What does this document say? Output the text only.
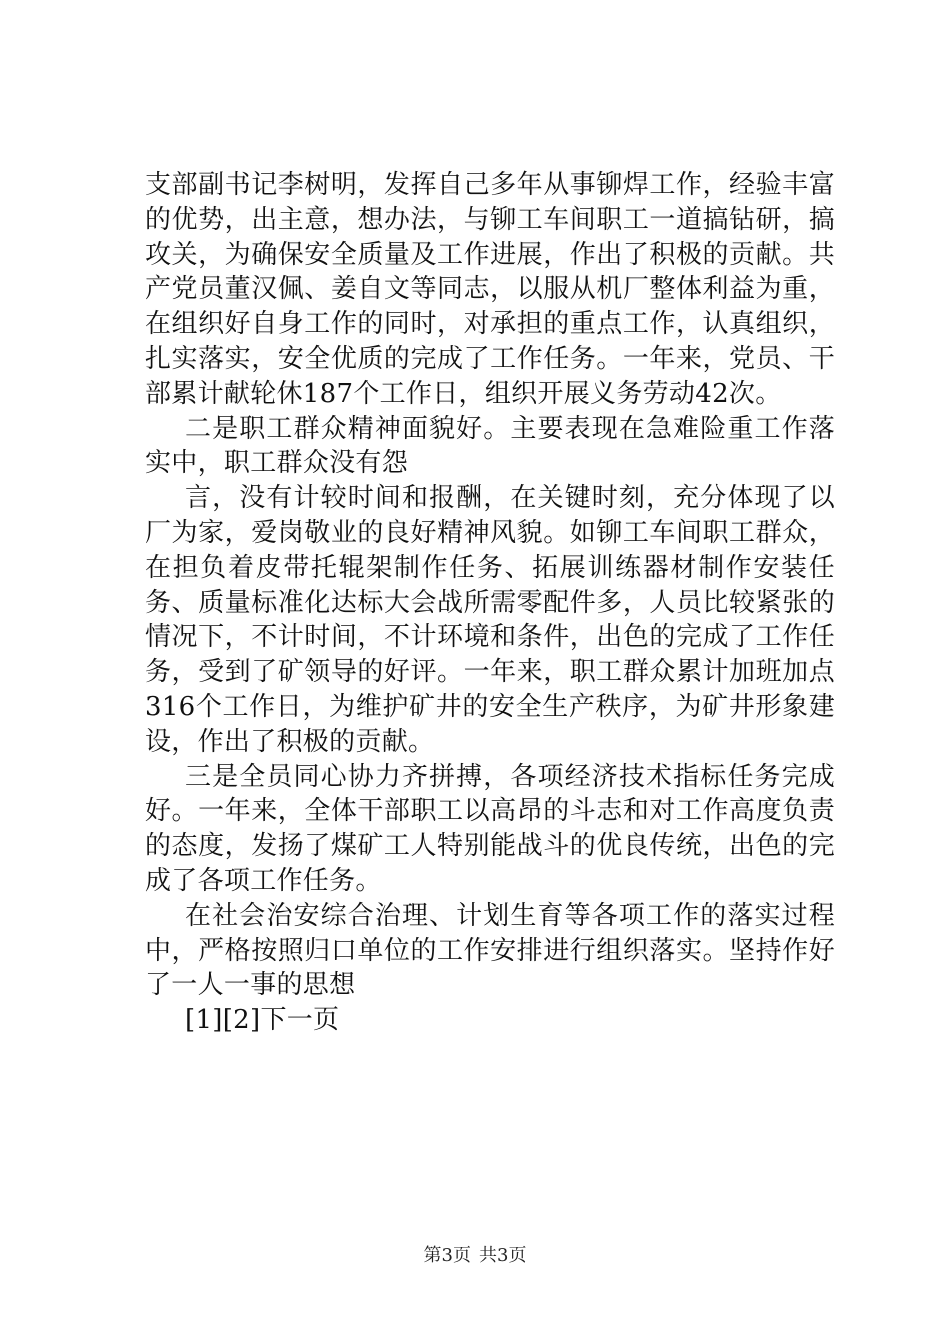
支部副书记李树明，发挥自己多年从事铆焊工作，经验丰富的优势，出主意，想办法，与铆工车间职工一道搞钻研，搞攻关，为确保安全质量及工作进展，作出了积极的贡献。共产党员董汉佩、姜自文等同志，以服从机厂整体利益为重，在组织好自身工作的同时，对承担的重点工作，认真组织，扎实落实，安全优质的完成了工作任务。一年来，党员、干部累计献轮休187个工作日，组织开展义务劳动42次。

二是职工群众精神面貌好。主要表现在急难险重工作落实中，职工群众没有怨

言，没有计较时间和报酬，在关键时刻，充分体现了以厂为家，爱岗敬业的良好精神风貌。如铆工车间职工群众，在担负着皮带托辊架制作任务、拓展训练器材制作安装任务、质量标准化达标大会战所需零配件多，人员比较紧张的情况下，不计时间，不计环境和条件，出色的完成了工作任务，受到了矿领导的好评。一年来，职工群众累计加班加点316个工作日，为维护矿井的安全生产秩序，为矿井形象建设，作出了积极的贡献。

三是全员同心协力齐拼搏，各项经济技术指标任务完成好。一年来，全体干部职工以高昂的斗志和对工作高度负责的态度，发扬了煤矿工人特别能战斗的优良传统，出色的完成了各项工作任务。

在社会治安综合治理、计划生育等各项工作的落实过程中，严格按照归口单位的工作安排进行组织落实。坚持作好了一人一事的思想

[1][2]下一页

第3页 共3页
